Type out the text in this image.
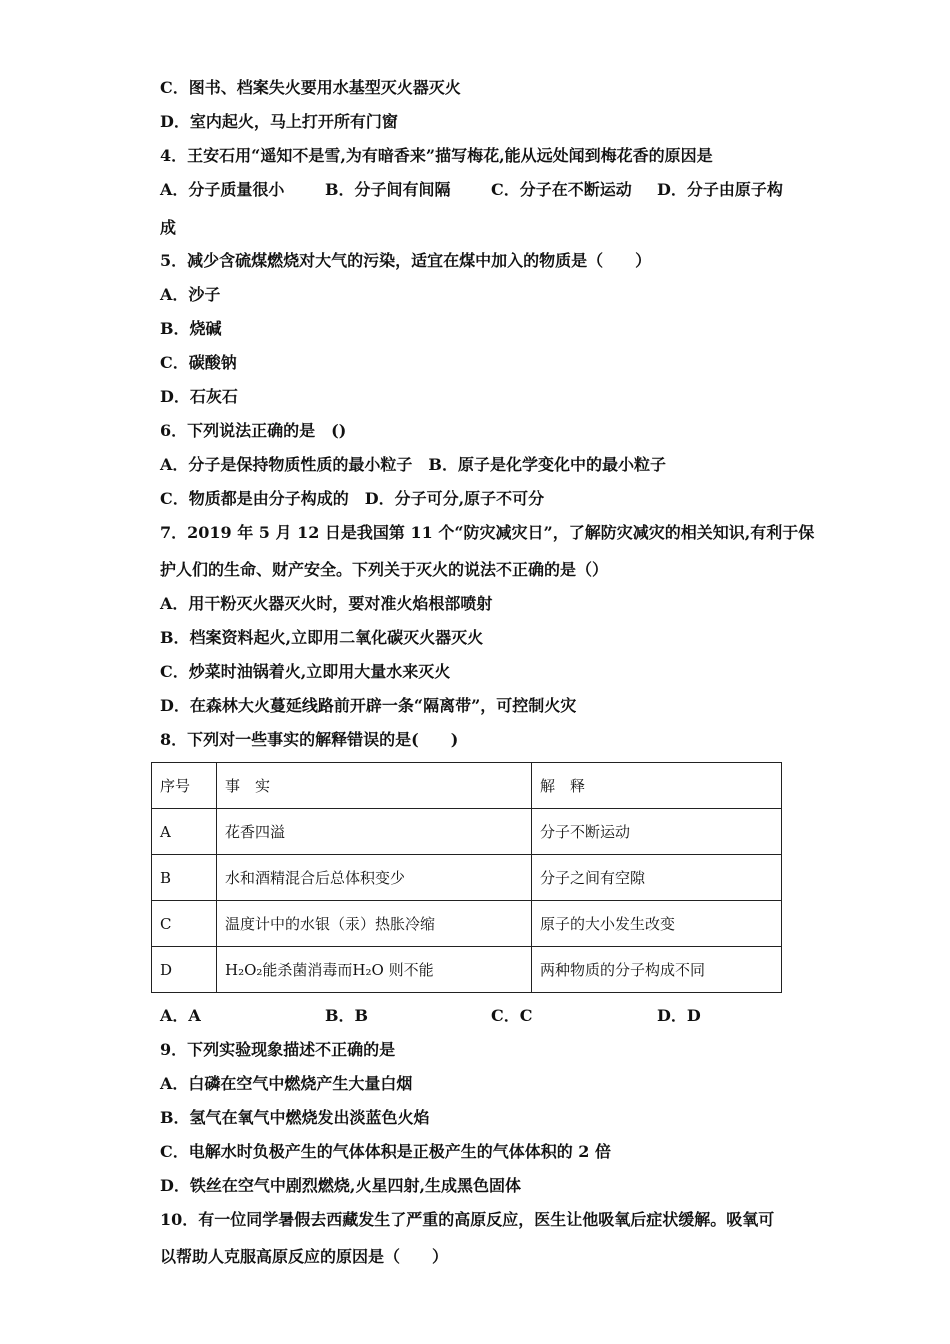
C．图书、档案失火要用水基型灭火器灭火
D．室内起火，马上打开所有门窗
4．王安石用“遥知不是雪,为有暗香来”描写梅花,能从远处闻到梅花香的原因是
A．分子质量很小	B．分子间有间隔	C．分子在不断运动 D．分子由原子构
成
5．减少含硫煤燃烧对大气的污染，适宜在煤中加入的物质是（　　）
A．沙子
B．烧碱
C．碳酸钠
D．石灰石
6．下列说法正确的是　()
A．分子是保持物质性质的最小粒子　B．原子是化学变化中的最小粒子
C．物质都是由分子构成的　D．分子可分,原子不可分
7．2019 年 5 月 12 日是我国第 11 个“防灾减灾日”，了解防灾减灾的相关知识,有利于保
护人们的生命、财产安全。下列关于灭火的说法不正确的是（）
A．用干粉灭火器灭火时，要对准火焰根部喷射
B．档案资料起火,立即用二氧化碳灭火器灭火
C．炒菜时油锅着火,立即用大量水来灭火
D．在森林大火蔓延线路前开辟一条“隔离带”，可控制火灾
8．下列对一些事实的解释错误的是(　　)
序号	事　实	解　释
A	花香四溢	分子不断运动
B	水和酒精混合后总体积变少	分子之间有空隙
C	温度计中的水银（汞）热胀冷缩	原子的大小发生改变
D	H₂O₂能杀菌消毒而H₂O 则不能	两种物质的分子构成不同
A．A	B．B	C．C	D．D
9．下列实验现象描述不正确的是
A．白磷在空气中燃烧产生大量白烟
B．氢气在氧气中燃烧发出淡蓝色火焰
C．电解水时负极产生的气体体积是正极产生的气体体积的 2 倍
D．铁丝在空气中剧烈燃烧,火星四射,生成黑色固体
10．有一位同学暑假去西藏发生了严重的高原反应，医生让他吸氧后症状缓解。吸氧可
以帮助人克服高原反应的原因是（　　）
